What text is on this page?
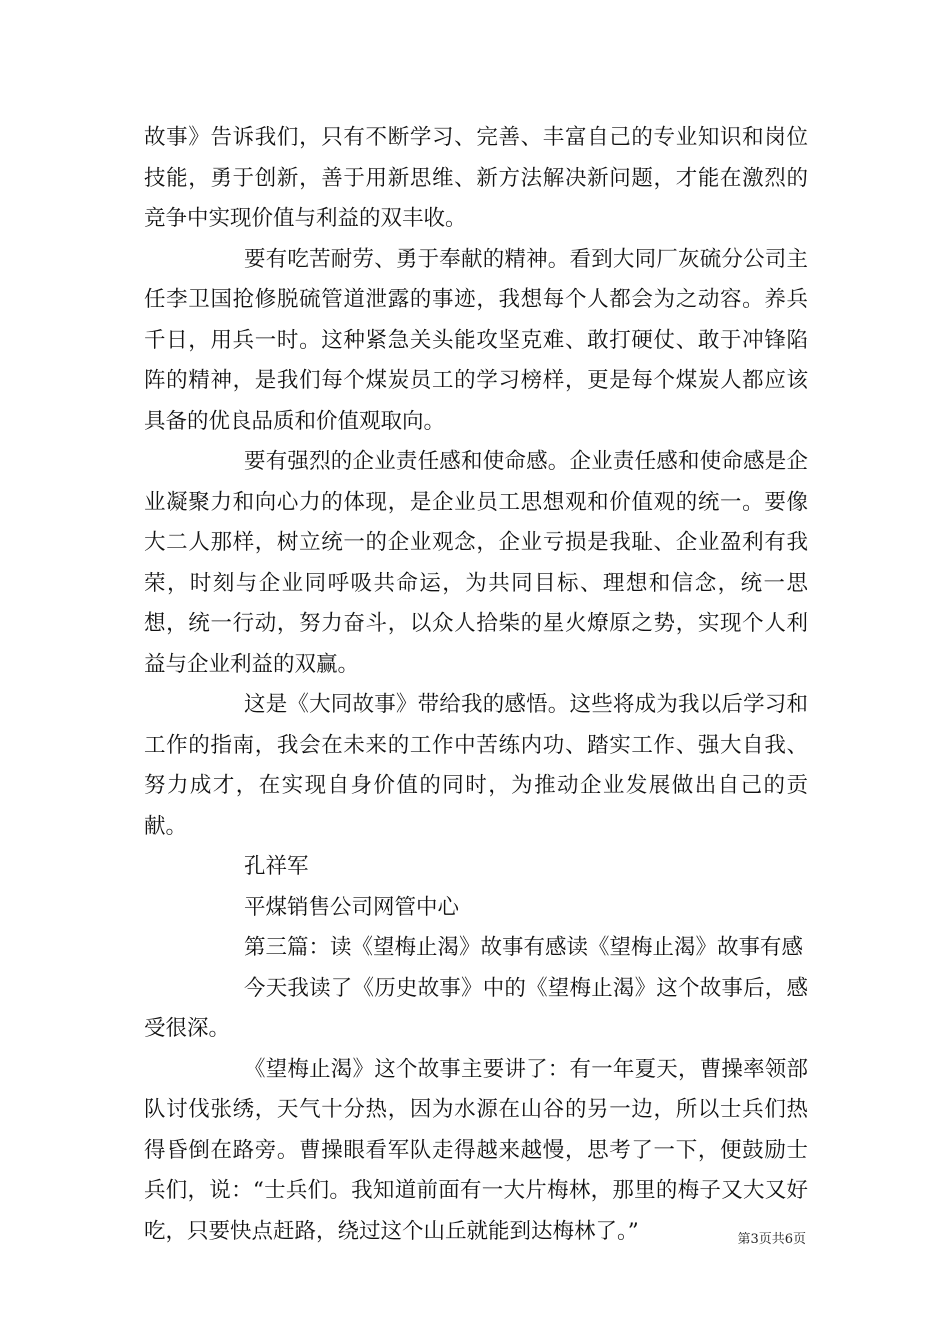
故事》告诉我们，只有不断学习、完善、丰富自己的专业知识和岗位技能，勇于创新，善于用新思维、新方法解决新问题，才能在激烈的竞争中实现价值与利益的双丰收。

要有吃苦耐劳、勇于奉献的精神。看到大同厂灰硫分公司主任李卫国抢修脱硫管道泄露的事迹，我想每个人都会为之动容。养兵千日，用兵一时。这种紧急关头能攻坚克难、敢打硬仗、敢于冲锋陷阵的精神，是我们每个煤炭员工的学习榜样，更是每个煤炭人都应该具备的优良品质和价值观取向。

要有强烈的企业责任感和使命感。企业责任感和使命感是企业凝聚力和向心力的体现，是企业员工思想观和价值观的统一。要像大二人那样，树立统一的企业观念，企业亏损是我耻、企业盈利有我荣，时刻与企业同呼吸共命运，为共同目标、理想和信念，统一思想，统一行动，努力奋斗，以众人拾柴的星火燎原之势，实现个人利益与企业利益的双赢。

这是《大同故事》带给我的感悟。这些将成为我以后学习和工作的指南，我会在未来的工作中苦练内功、踏实工作、强大自我、努力成才，在实现自身价值的同时，为推动企业发展做出自己的贡献。

孔祥军

平煤销售公司网管中心

第三篇：读《望梅止渴》故事有感读《望梅止渴》故事有感

今天我读了《历史故事》中的《望梅止渴》这个故事后，感受很深。

《望梅止渴》这个故事主要讲了：有一年夏天，曹操率领部队讨伐张绣，天气十分热，因为水源在山谷的另一边，所以士兵们热得昏倒在路旁。曹操眼看军队走得越来越慢，思考了一下，便鼓励士兵们，说：“士兵们。我知道前面有一大片梅林，那里的梅子又大又好吃，只要快点赶路，绕过这个山丘就能到达梅林了。”	第3页共6页
